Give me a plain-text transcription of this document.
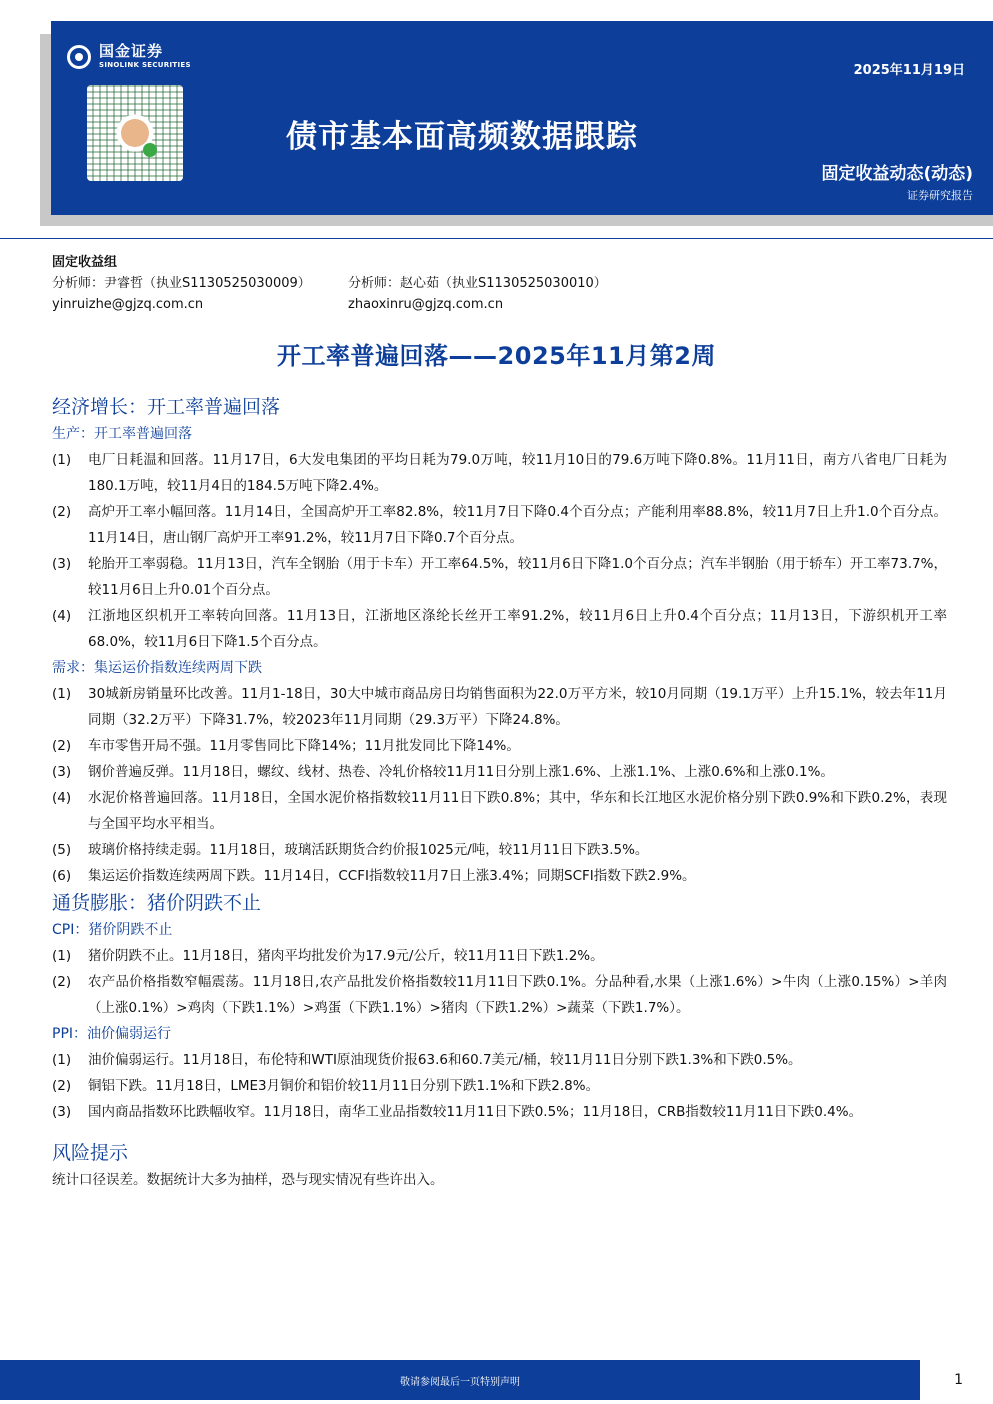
国金证券
SINOLINK SECURITIES	2025年11月19日
债市基本面高频数据跟踪
固定收益动态(动态)
证券研究报告
固定收益组
分析师：尹睿哲（执业S1130525030009）	分析师：赵心茹（执业S1130525030010）
yinruizhe@gjzq.com.cn	zhaoxinru@gjzq.com.cn
开工率普遍回落——2025年11月第2周
经济增长：开工率普遍回落
生产：开工率普遍回落
(1)	电厂日耗温和回落。11月17日，6大发电集团的平均日耗为79.0万吨，较11月10日的79.6万吨下降0.8%。11月11日，南方八省电厂日耗为180.1万吨，较11月4日的184.5万吨下降2.4%。
(2)	高炉开工率小幅回落。11月14日，全国高炉开工率82.8%，较11月7日下降0.4个百分点；产能利用率88.8%，较11月7日上升1.0个百分点。11月14日，唐山钢厂高炉开工率91.2%，较11月7日下降0.7个百分点。
(3)	轮胎开工率弱稳。11月13日，汽车全钢胎（用于卡车）开工率64.5%，较11月6日下降1.0个百分点；汽车半钢胎（用于轿车）开工率73.7%，较11月6日上升0.01个百分点。
(4)	江浙地区织机开工率转向回落。11月13日，江浙地区涤纶长丝开工率91.2%，较11月6日上升0.4个百分点；11月13日，下游织机开工率68.0%，较11月6日下降1.5个百分点。
需求：集运运价指数连续两周下跌
(1)	30城新房销量环比改善。11月1-18日，30大中城市商品房日均销售面积为22.0万平方米，较10月同期（19.1万平）上升15.1%，较去年11月同期（32.2万平）下降31.7%，较2023年11月同期（29.3万平）下降24.8%。
(2)	车市零售开局不强。11月零售同比下降14%；11月批发同比下降14%。
(3)	钢价普遍反弹。11月18日，螺纹、线材、热卷、冷轧价格较11月11日分别上涨1.6%、上涨1.1%、上涨0.6%和上涨0.1%。
(4)	水泥价格普遍回落。11月18日，全国水泥价格指数较11月11日下跌0.8%；其中，华东和长江地区水泥价格分别下跌0.9%和下跌0.2%，表现与全国平均水平相当。
(5)	玻璃价格持续走弱。11月18日，玻璃活跃期货合约价报1025元/吨，较11月11日下跌3.5%。
(6)	集运运价指数连续两周下跌。11月14日，CCFI指数较11月7日上涨3.4%；同期SCFI指数下跌2.9%。
通货膨胀：猪价阴跌不止
CPI：猪价阴跌不止
(1)	猪价阴跌不止。11月18日，猪肉平均批发价为17.9元/公斤，较11月11日下跌1.2%。
(2)	农产品价格指数窄幅震荡。11月18日,农产品批发价格指数较11月11日下跌0.1%。分品种看,水果（上涨1.6%）>牛肉（上涨0.15%）>羊肉（上涨0.1%）>鸡肉（下跌1.1%）>鸡蛋（下跌1.1%）>猪肉（下跌1.2%）>蔬菜（下跌1.7%）。
PPI：油价偏弱运行
(1)	油价偏弱运行。11月18日，布伦特和WTI原油现货价报63.6和60.7美元/桶，较11月11日分别下跌1.3%和下跌0.5%。
(2)	铜铝下跌。11月18日，LME3月铜价和铝价较11月11日分别下跌1.1%和下跌2.8%。
(3)	国内商品指数环比跌幅收窄。11月18日，南华工业品指数较11月11日下跌0.5%；11月18日，CRB指数较11月11日下跌0.4%。
风险提示
统计口径误差。数据统计大多为抽样，恐与现实情况有些许出入。
敬请参阅最后一页特别声明	1
